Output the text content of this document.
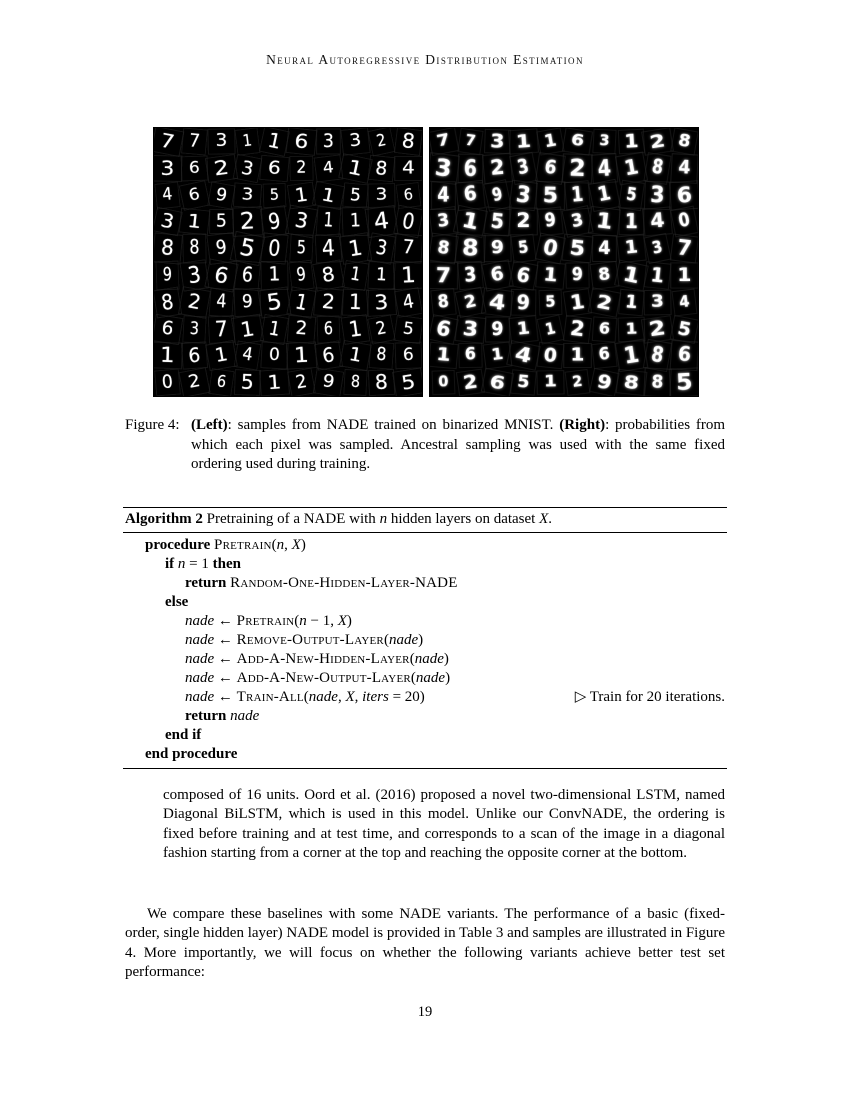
Neural Autoregressive Distribution Estimation
7 7 3 1 1 6 3 3 2 8
3 6 2 3 6 2 4 1 8 4
4 6 9 3 5 1 1 5 3 6
3 1 5 2 9 3 1 1 4 0
8 8 9 5 0 5 4 1 3 7
9 3 6 6 1 9 8 1 1 1
8 2 4 9 5 1 2 1 3 4
6 3 7 1 1 2 6 1 2 5
1 6 1 4 0 1 6 1 8 6
0 2 6 5 1 2 9 8 8 5
7 7 3 1 1 6 3 1 2 8
3 6 2 3 6 2 4 1 8 4
4 6 9 3 5 1 1 5 3 6
3 1 5 2 9 3 1 1 4 0
8 8 9 5 0 5 4 1 3 7
7 3 6 6 1 9 8 1 1 1
8 2 4 9 5 1 2 1 3 4
6 3 9 1 1 2 6 1 2 5
1 6 1 4 0 1 6 1 8 6
0 2 6 5 1 2 9 8 8 5
Figure 4: (Left): samples from NADE trained on binarized MNIST. (Right): probabilities from which each pixel was sampled. Ancestral sampling was used with the same fixed ordering used during training.
Algorithm 2 Pretraining of a NADE with n hidden layers on dataset X.
procedure Pretrain(n, X)
if n = 1 then
return Random-One-Hidden-Layer-NADE
else
nade ← Pretrain(n − 1, X)
nade ← Remove-Output-Layer(nade)
nade ← Add-A-New-Hidden-Layer(nade)
nade ← Add-A-New-Output-Layer(nade)
nade ← Train-All(nade, X, iters = 20)	▷ Train for 20 iterations.
return nade
end if
end procedure

composed of 16 units. Oord et al. (2016) proposed a novel two-dimensional LSTM, named Diagonal BiLSTM, which is used in this model. Unlike our ConvNADE, the ordering is fixed before training and at test time, and corresponds to a scan of the image in a diagonal fashion starting from a corner at the top and reaching the opposite corner at the bottom.

We compare these baselines with some NADE variants. The performance of a basic (fixed-order, single hidden layer) NADE model is provided in Table 3 and samples are illustrated in Figure 4. More importantly, we will focus on whether the following variants achieve better test set performance:

19
